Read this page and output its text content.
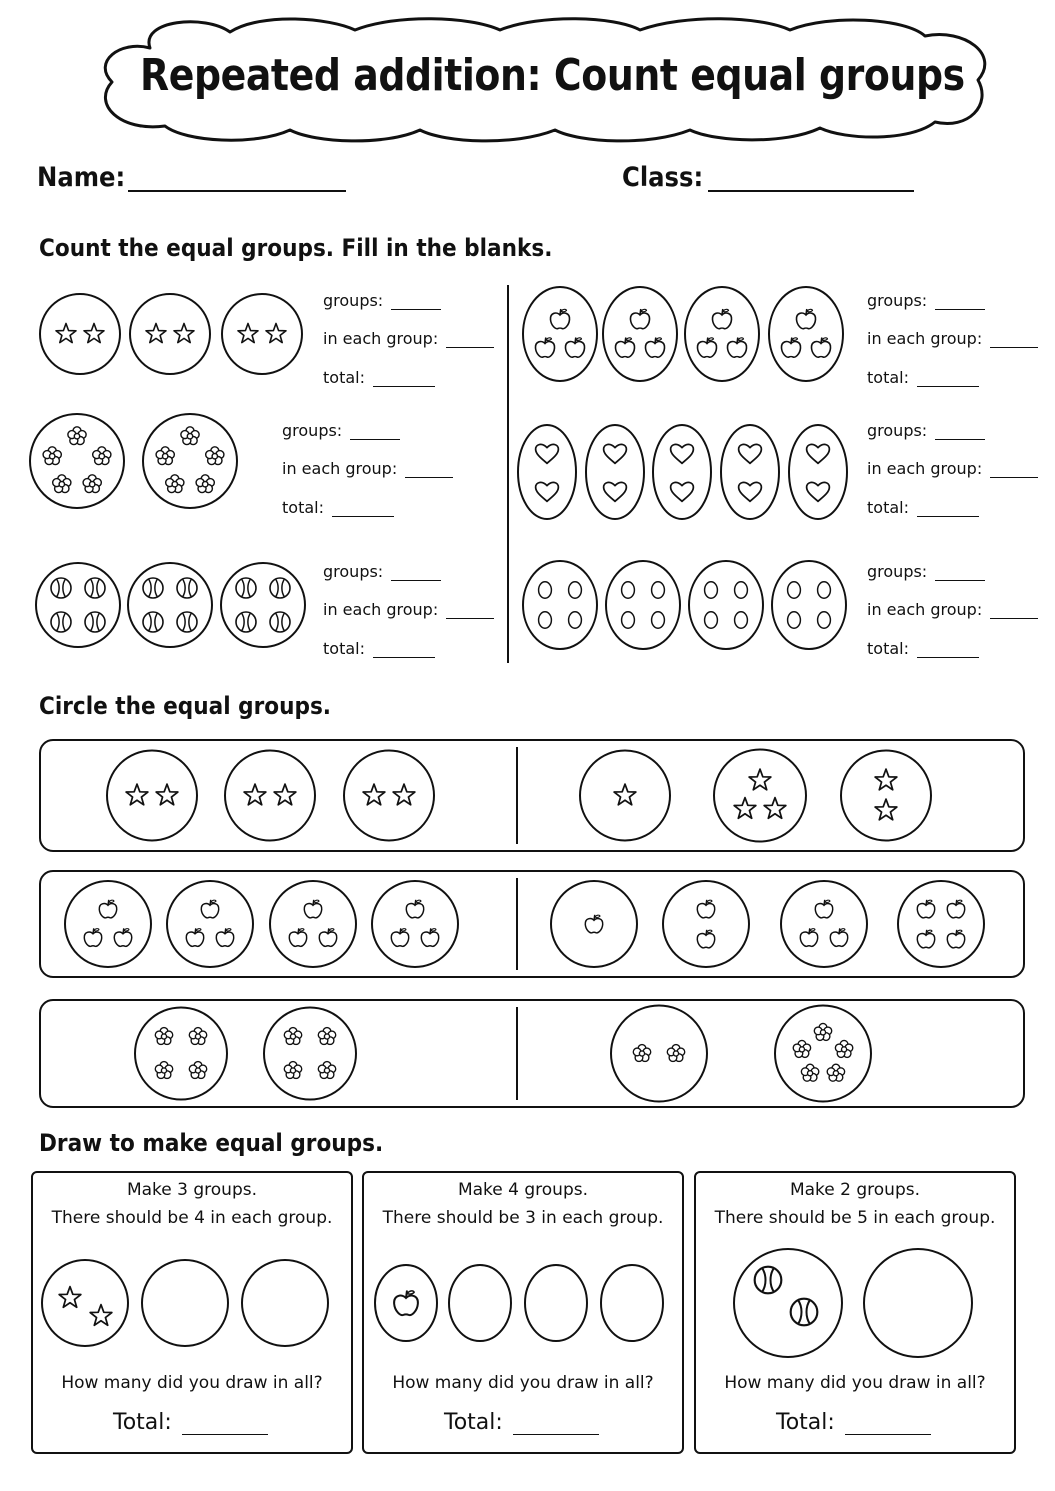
Repeated addition: Count equal groups
Name:	Class:
Count the equal groups. Fill in the blanks.
Circle the equal groups.
Draw to make equal groups.
groups:
in each group:
total:
groups:
in each group:
total:
groups:
in each group:
total:
groups:
in each group:
total:
groups:
in each group:
total:
groups:
in each group:
total:
Make 3 groups.
There should be 4 in each group.
How many did you draw in all?
Total:
Make 4 groups.
There should be 3 in each group.
How many did you draw in all?
Total:
Make 2 groups.
There should be 5 in each group.
How many did you draw in all?
Total:
